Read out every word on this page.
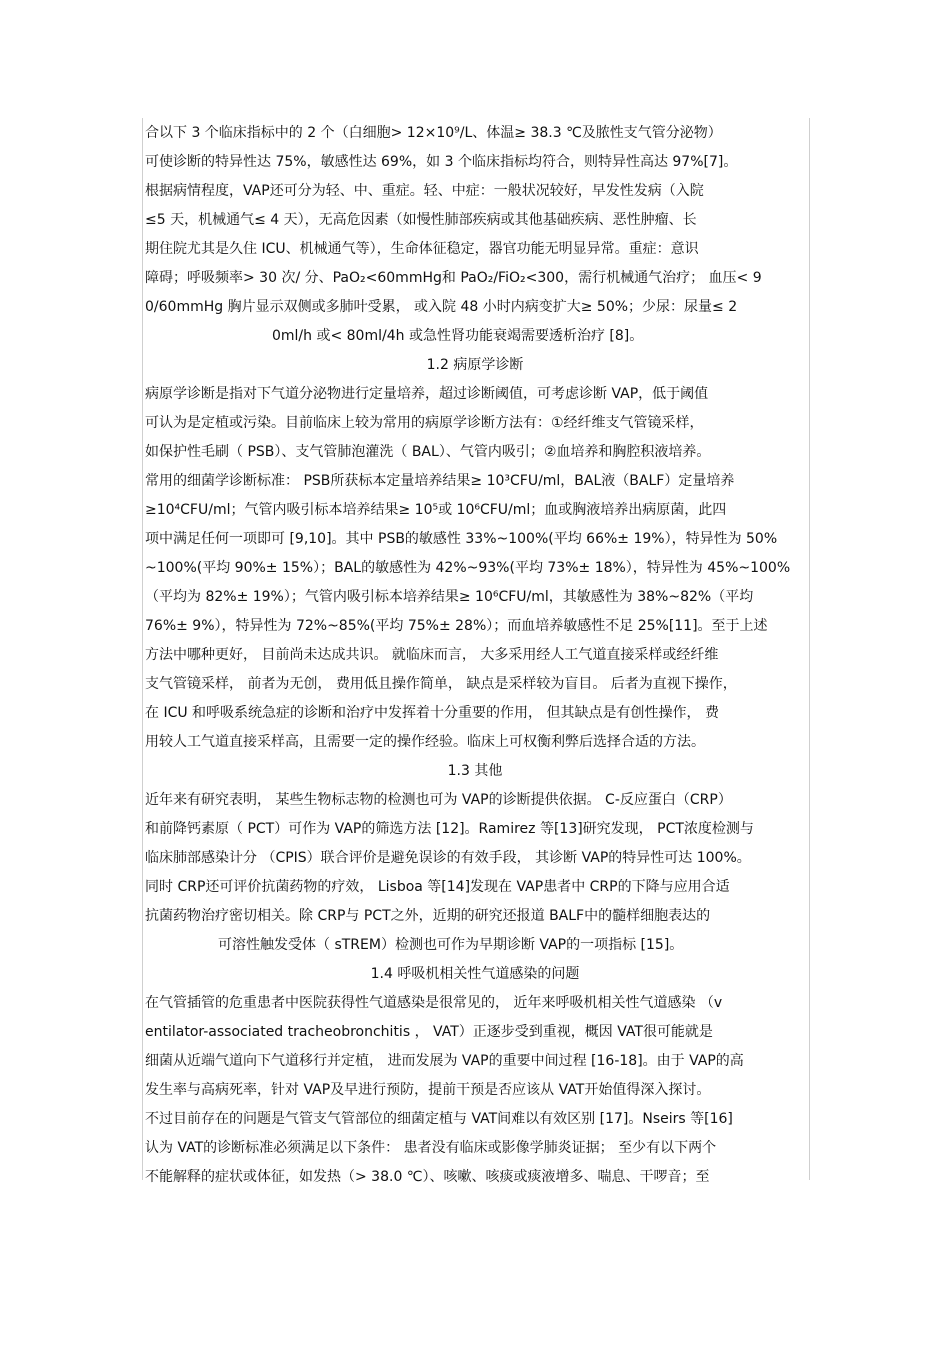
合以下 3 个临床指标中的 2 个（白细胞> 12×10⁹/L、体温≥ 38.3 ℃及脓性支气管分泌物）
可使诊断的特异性达 75%，敏感性达 69%，如 3 个临床指标均符合，则特异性高达 97%[7]。
根据病情程度，VAP还可分为轻、中、重症。轻、中症：一般状况较好，早发性发病（入院
≤5 天，机械通气≤ 4 天），无高危因素（如慢性肺部疾病或其他基础疾病、恶性肿瘤、长
期住院尤其是久住 ICU、机械通气等），生命体征稳定，器官功能无明显异常。重症：意识
障碍；呼吸频率> 30 次/ 分、PaO₂<60mmHg和 PaO₂/FiO₂<300，需行机械通气治疗； 血压< 9
0/60mmHg 胸片显示双侧或多肺叶受累， 或入院 48 小时内病变扩大≥ 50%；少尿：尿量≤ 2
0ml/h 或< 80ml/4h 或急性肾功能衰竭需要透析治疗 [8]。
1.2 病原学诊断
病原学诊断是指对下气道分泌物进行定量培养，超过诊断阈值，可考虑诊断 VAP，低于阈值
可认为是定植或污染。目前临床上较为常用的病原学诊断方法有：①经纤维支气管镜采样，
如保护性毛刷（ PSB）、支气管肺泡灌洗（ BAL）、气管内吸引；②血培养和胸腔积液培养。
常用的细菌学诊断标准： PSB所获标本定量培养结果≥ 10³CFU/ml，BAL液（BALF）定量培养
≥10⁴CFU/ml；气管内吸引标本培养结果≥ 10⁵或 10⁶CFU/ml；血或胸液培养出病原菌，此四
项中满足任何一项即可 [9,10]。其中 PSB的敏感性 33%~100%(平均 66%± 19%），特异性为 50%
~100%(平均 90%± 15%）；BAL的敏感性为 42%~93%(平均 73%± 18%），特异性为 45%~100%
（平均为 82%± 19%）；气管内吸引标本培养结果≥ 10⁶CFU/ml，其敏感性为 38%~82%（平均
76%± 9%），特异性为 72%~85%(平均 75%± 28%）；而血培养敏感性不足 25%[11]。至于上述
方法中哪种更好， 目前尚未达成共识。 就临床而言， 大多采用经人工气道直接采样或经纤维
支气管镜采样， 前者为无创， 费用低且操作简单， 缺点是采样较为盲目。 后者为直视下操作，
在 ICU 和呼吸系统急症的诊断和治疗中发挥着十分重要的作用， 但其缺点是有创性操作， 费
用较人工气道直接采样高，且需要一定的操作经验。临床上可权衡利弊后选择合适的方法。
1.3 其他
近年来有研究表明， 某些生物标志物的检测也可为 VAP的诊断提供依据。 C-反应蛋白（CRP）
和前降钙素原（ PCT）可作为 VAP的筛选方法 [12]。Ramirez 等[13]研究发现， PCT浓度检测与
临床肺部感染计分 （CPIS）联合评价是避免误诊的有效手段， 其诊断 VAP的特异性可达 100%。
同时 CRP还可评价抗菌药物的疗效， Lisboa 等[14]发现在 VAP患者中 CRP的下降与应用合适
抗菌药物治疗密切相关。除 CRP与 PCT之外，近期的研究还报道 BALF中的髓样细胞表达的
可溶性触发受体（ sTREM）检测也可作为早期诊断 VAP的一项指标 [15]。
1.4 呼吸机相关性气道感染的问题
在气管插管的危重患者中医院获得性气道感染是很常见的， 近年来呼吸机相关性气道感染 （v
entilator-associated tracheobronchitis ， VAT）正逐步受到重视，概因 VAT很可能就是
细菌从近端气道向下气道移行并定植， 进而发展为 VAP的重要中间过程 [16-18]。由于 VAP的高
发生率与高病死率，针对 VAP及早进行预防，提前干预是否应该从 VAT开始值得深入探讨。
不过目前存在的问题是气管支气管部位的细菌定植与 VAT间难以有效区别 [17]。Nseirs 等[16]
认为 VAT的诊断标准必须满足以下条件： 患者没有临床或影像学肺炎证据； 至少有以下两个
不能解释的症状或体征，如发热（> 38.0 ℃）、咳嗽、咳痰或痰液增多、喘息、干啰音；至
